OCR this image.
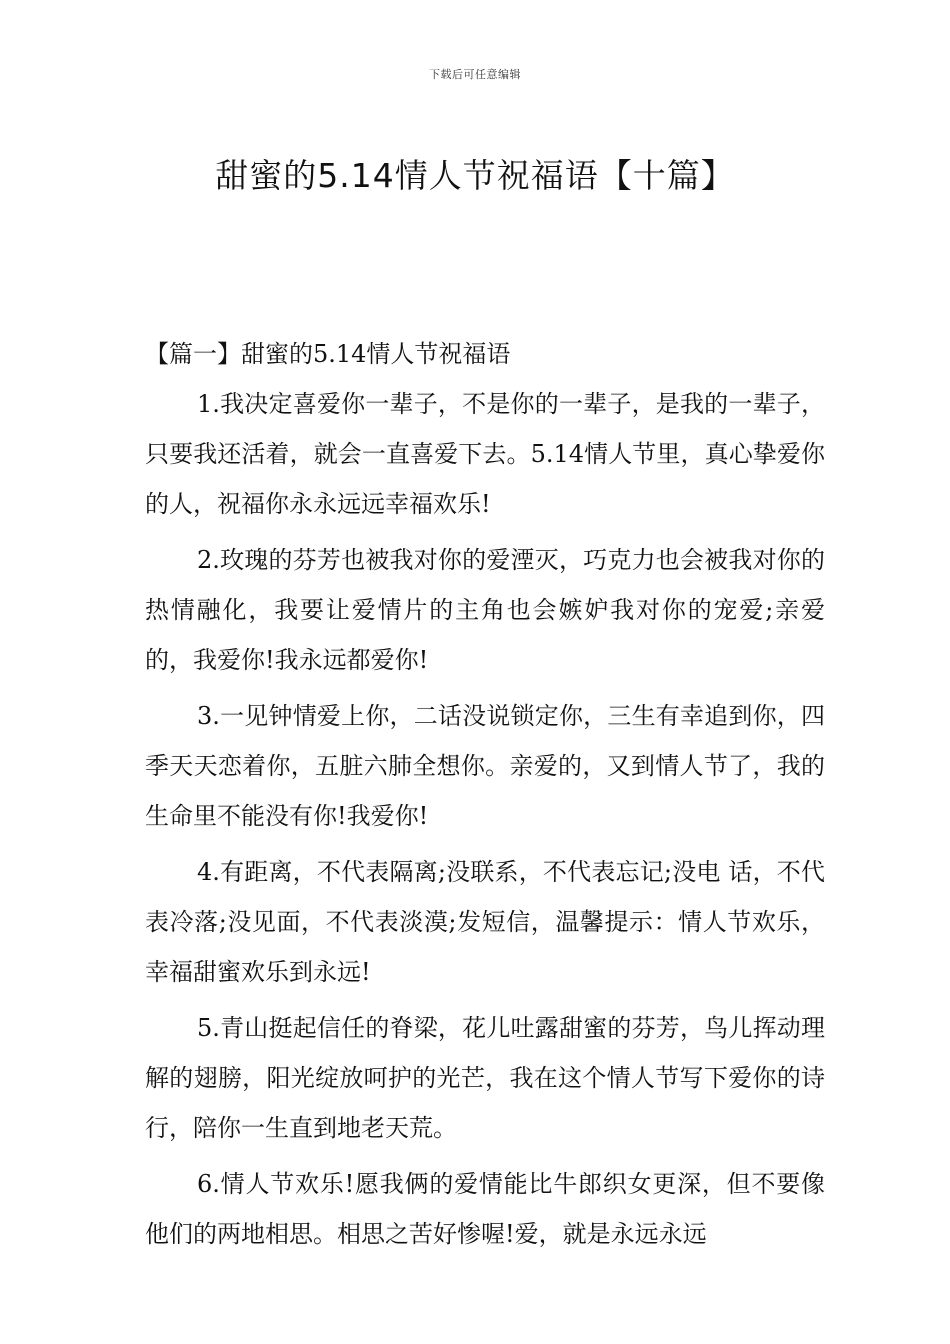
下载后可任意编辑
甜蜜的5.14情人节祝福语【十篇】

【篇一】甜蜜的5.14情人节祝福语

1.我决定喜爱你一辈子，不是你的一辈子，是我的一辈子，只要我还活着，就会一直喜爱下去。5.14情人节里，真心挚爱你的人，祝福你永永远远幸福欢乐!

2.玫瑰的芬芳也被我对你的爱湮灭，巧克力也会被我对你的热情融化，我要让爱情片的主角也会嫉妒我对你的宠爱;亲爱的，我爱你!我永远都爱你!

3.一见钟情爱上你，二话没说锁定你，三生有幸追到你，四季天天恋着你，五脏六肺全想你。亲爱的，又到情人节了，我的生命里不能没有你!我爱你!

4.有距离，不代表隔离;没联系，不代表忘记;没电 话，不代表冷落;没见面，不代表淡漠;发短信，温馨提示：情人节欢乐，幸福甜蜜欢乐到永远!

5.青山挺起信任的脊梁，花儿吐露甜蜜的芬芳，鸟儿挥动理解的翅膀，阳光绽放呵护的光芒，我在这个情人节写下爱你的诗行，陪你一生直到地老天荒。

6.情人节欢乐!愿我俩的爱情能比牛郎织女更深，但不要像他们的两地相思。相思之苦好惨喔!爱，就是永远永远
